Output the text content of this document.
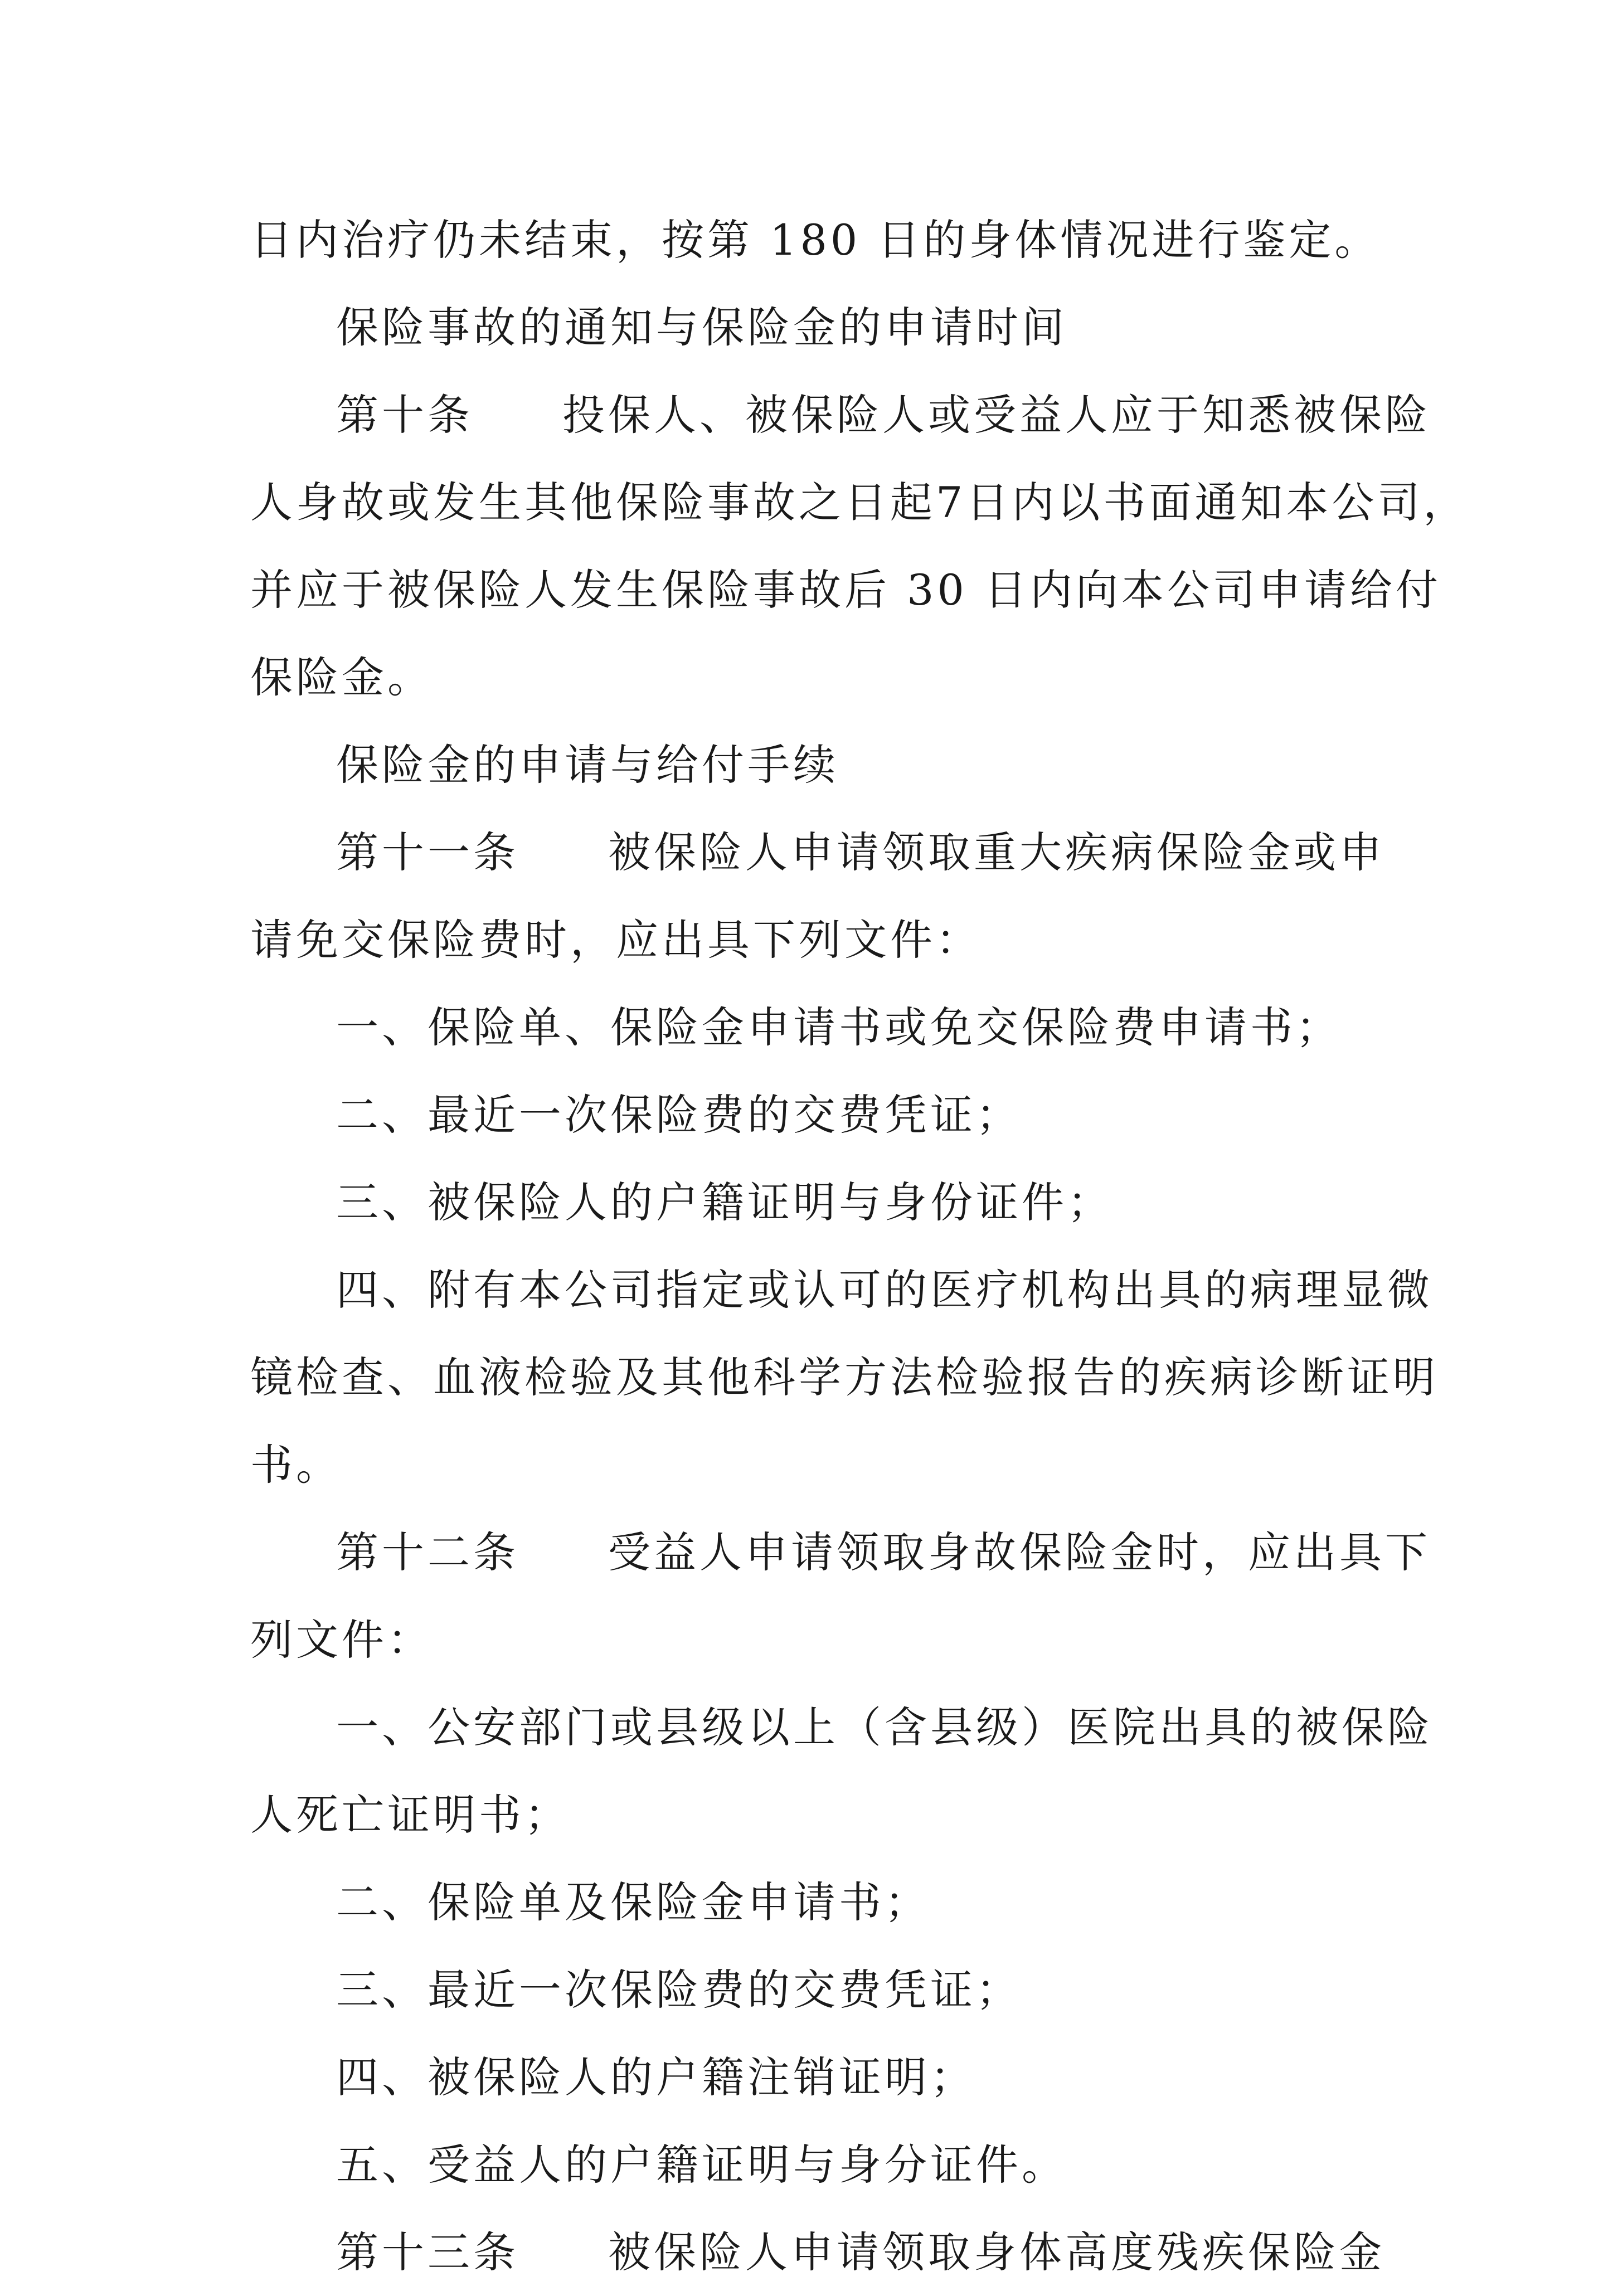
日内治疗仍未结束，按第 180 日的身体情况进行鉴定。
保险事故的通知与保险金的申请时间
第十条 投保人、被保险人或受益人应于知悉被保险
人身故或发生其他保险事故之日起7日内以书面通知本公司，
并应于被保险人发生保险事故后 30 日内向本公司申请给付
保险金。
保险金的申请与给付手续
第十一条 被保险人申请领取重大疾病保险金或申
请免交保险费时，应出具下列文件：
一、保险单、保险金申请书或免交保险费申请书；
二、最近一次保险费的交费凭证；
三、被保险人的户籍证明与身份证件；
四、附有本公司指定或认可的医疗机构出具的病理显微
镜检查、血液检验及其他科学方法检验报告的疾病诊断证明
书。
第十二条 受益人申请领取身故保险金时，应出具下
列文件：
一、公安部门或县级以上（含县级）医院出具的被保险
人死亡证明书；
二、保险单及保险金申请书；
三、最近一次保险费的交费凭证；
四、被保险人的户籍注销证明；
五、受益人的户籍证明与身分证件。
第十三条 被保险人申请领取身体高度残疾保险金
